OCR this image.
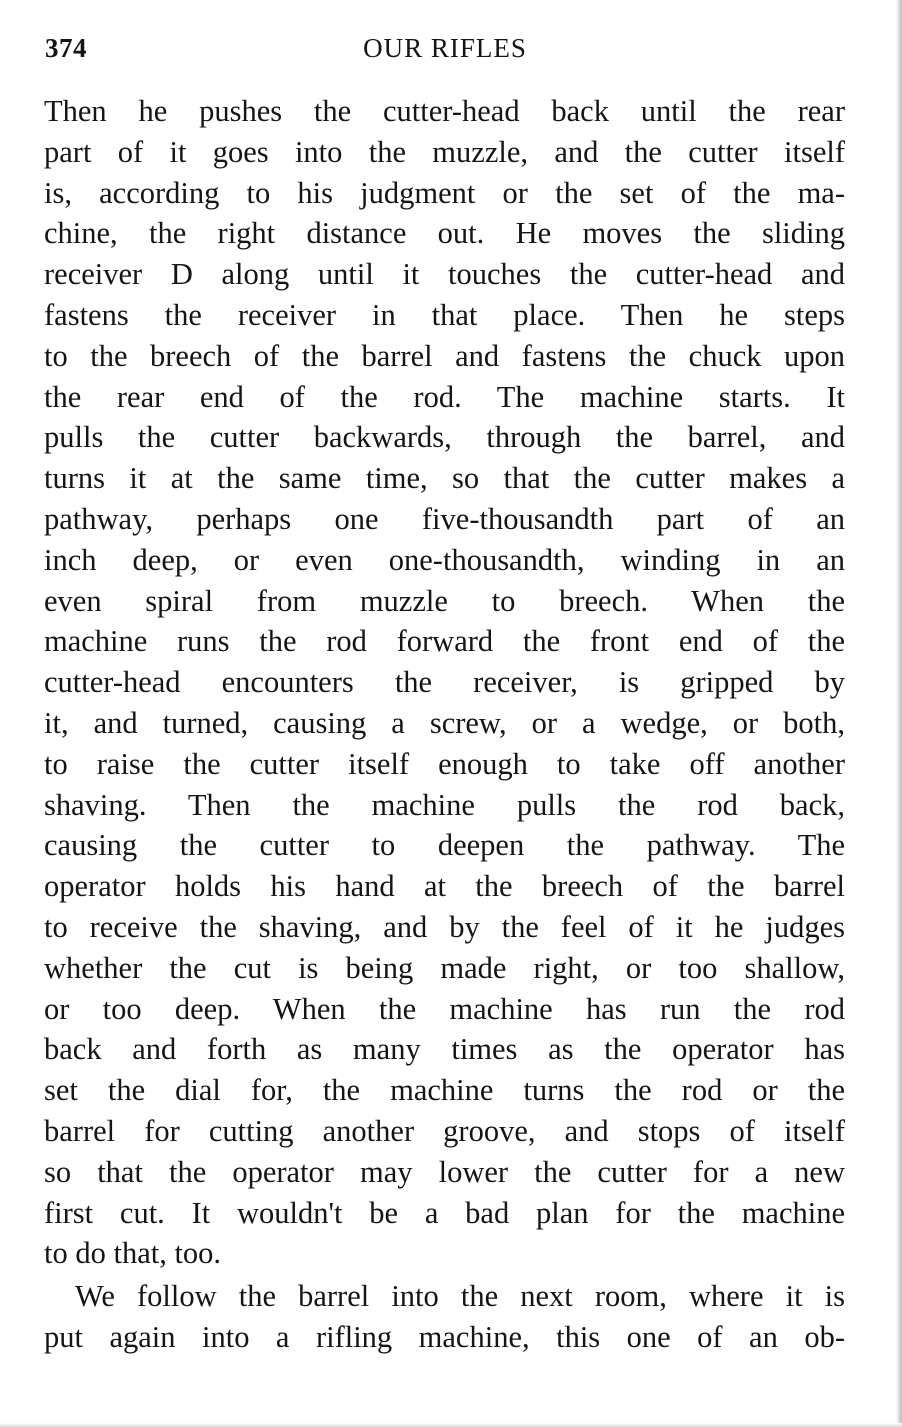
374	OUR RIFLES
Then he pushes the cutter-head back until the rear
part of it goes into the muzzle, and the cutter itself
is, according to his judgment or the set of the ma-
chine, the right distance out. He moves the sliding
receiver D along until it touches the cutter-head and
fastens the receiver in that place. Then he steps
to the breech of the barrel and fastens the chuck upon
the rear end of the rod. The machine starts. It
pulls the cutter backwards, through the barrel, and
turns it at the same time, so that the cutter makes a
pathway, perhaps one five-thousandth part of an
inch deep, or even one-thousandth, winding in an
even spiral from muzzle to breech. When the
machine runs the rod forward the front end of the
cutter-head encounters the receiver, is gripped by
it, and turned, causing a screw, or a wedge, or both,
to raise the cutter itself enough to take off another
shaving. Then the machine pulls the rod back,
causing the cutter to deepen the pathway. The
operator holds his hand at the breech of the barrel
to receive the shaving, and by the feel of it he judges
whether the cut is being made right, or too shallow,
or too deep. When the machine has run the rod
back and forth as many times as the operator has
set the dial for, the machine turns the rod or the
barrel for cutting another groove, and stops of itself
so that the operator may lower the cutter for a new
first cut. It wouldn't be a bad plan for the machine
to do that, too.
We follow the barrel into the next room, where it is
put again into a rifling machine, this one of an ob-
